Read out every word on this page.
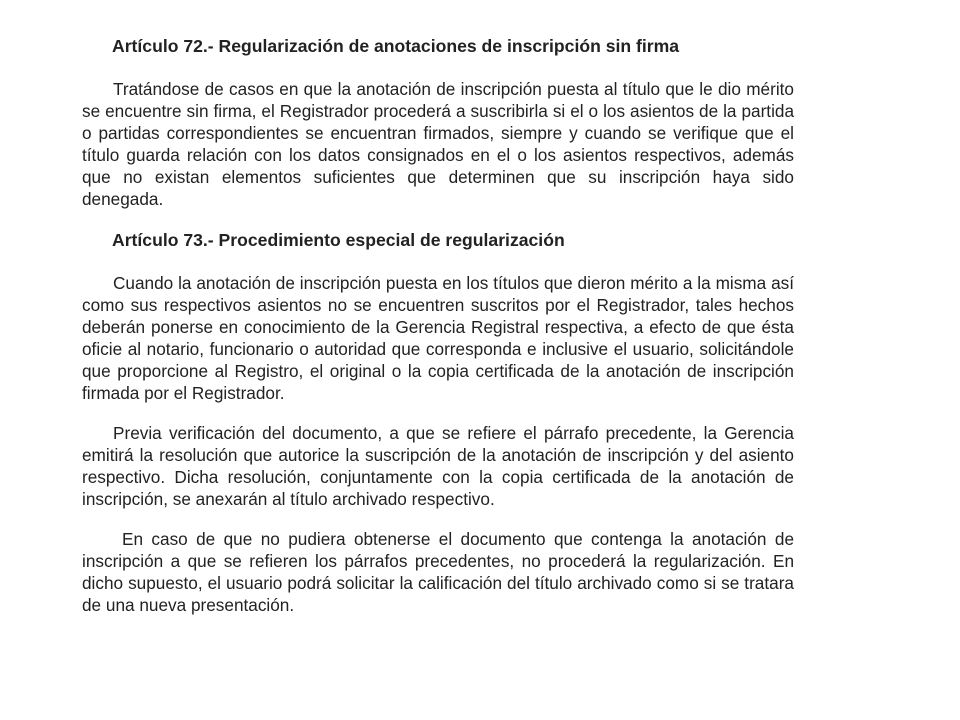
Artículo 72.- Regularización de anotaciones de inscripción sin firma

Tratándose de casos en que la anotación de inscripción puesta al título que le dio mérito se encuentre sin firma, el Registrador procederá a suscribirla si el o los asientos de la partida o partidas correspondientes se encuentran firmados, siempre y cuando se verifique que el título guarda relación con los datos consignados en el o los asientos respectivos, además que no existan elementos suficientes que determinen que su inscripción haya sido denegada.

Artículo 73.- Procedimiento especial de regularización

Cuando la anotación de inscripción puesta en los títulos que dieron mérito a la misma así como sus respectivos asientos no se encuentren suscritos por el Registrador, tales hechos deberán ponerse en conocimiento de la Gerencia Registral respectiva, a efecto de que ésta oficie al notario, funcionario o autoridad que corresponda e inclusive el usuario, solicitándole que proporcione al Registro, el original o la copia certificada de la anotación de inscripción firmada por el Registrador.

Previa verificación del documento, a que se refiere el párrafo precedente, la Gerencia emitirá la resolución que autorice la suscripción de la anotación de inscripción y del asiento respectivo. Dicha resolución, conjuntamente con la copia certificada de la anotación de inscripción, se anexarán al título archivado respectivo.

En caso de que no pudiera obtenerse el documento que contenga la anotación de inscripción a que se refieren los párrafos precedentes, no procederá la regularización. En dicho supuesto, el usuario podrá solicitar la calificación del título archivado como si se tratara de una nueva presentación.
